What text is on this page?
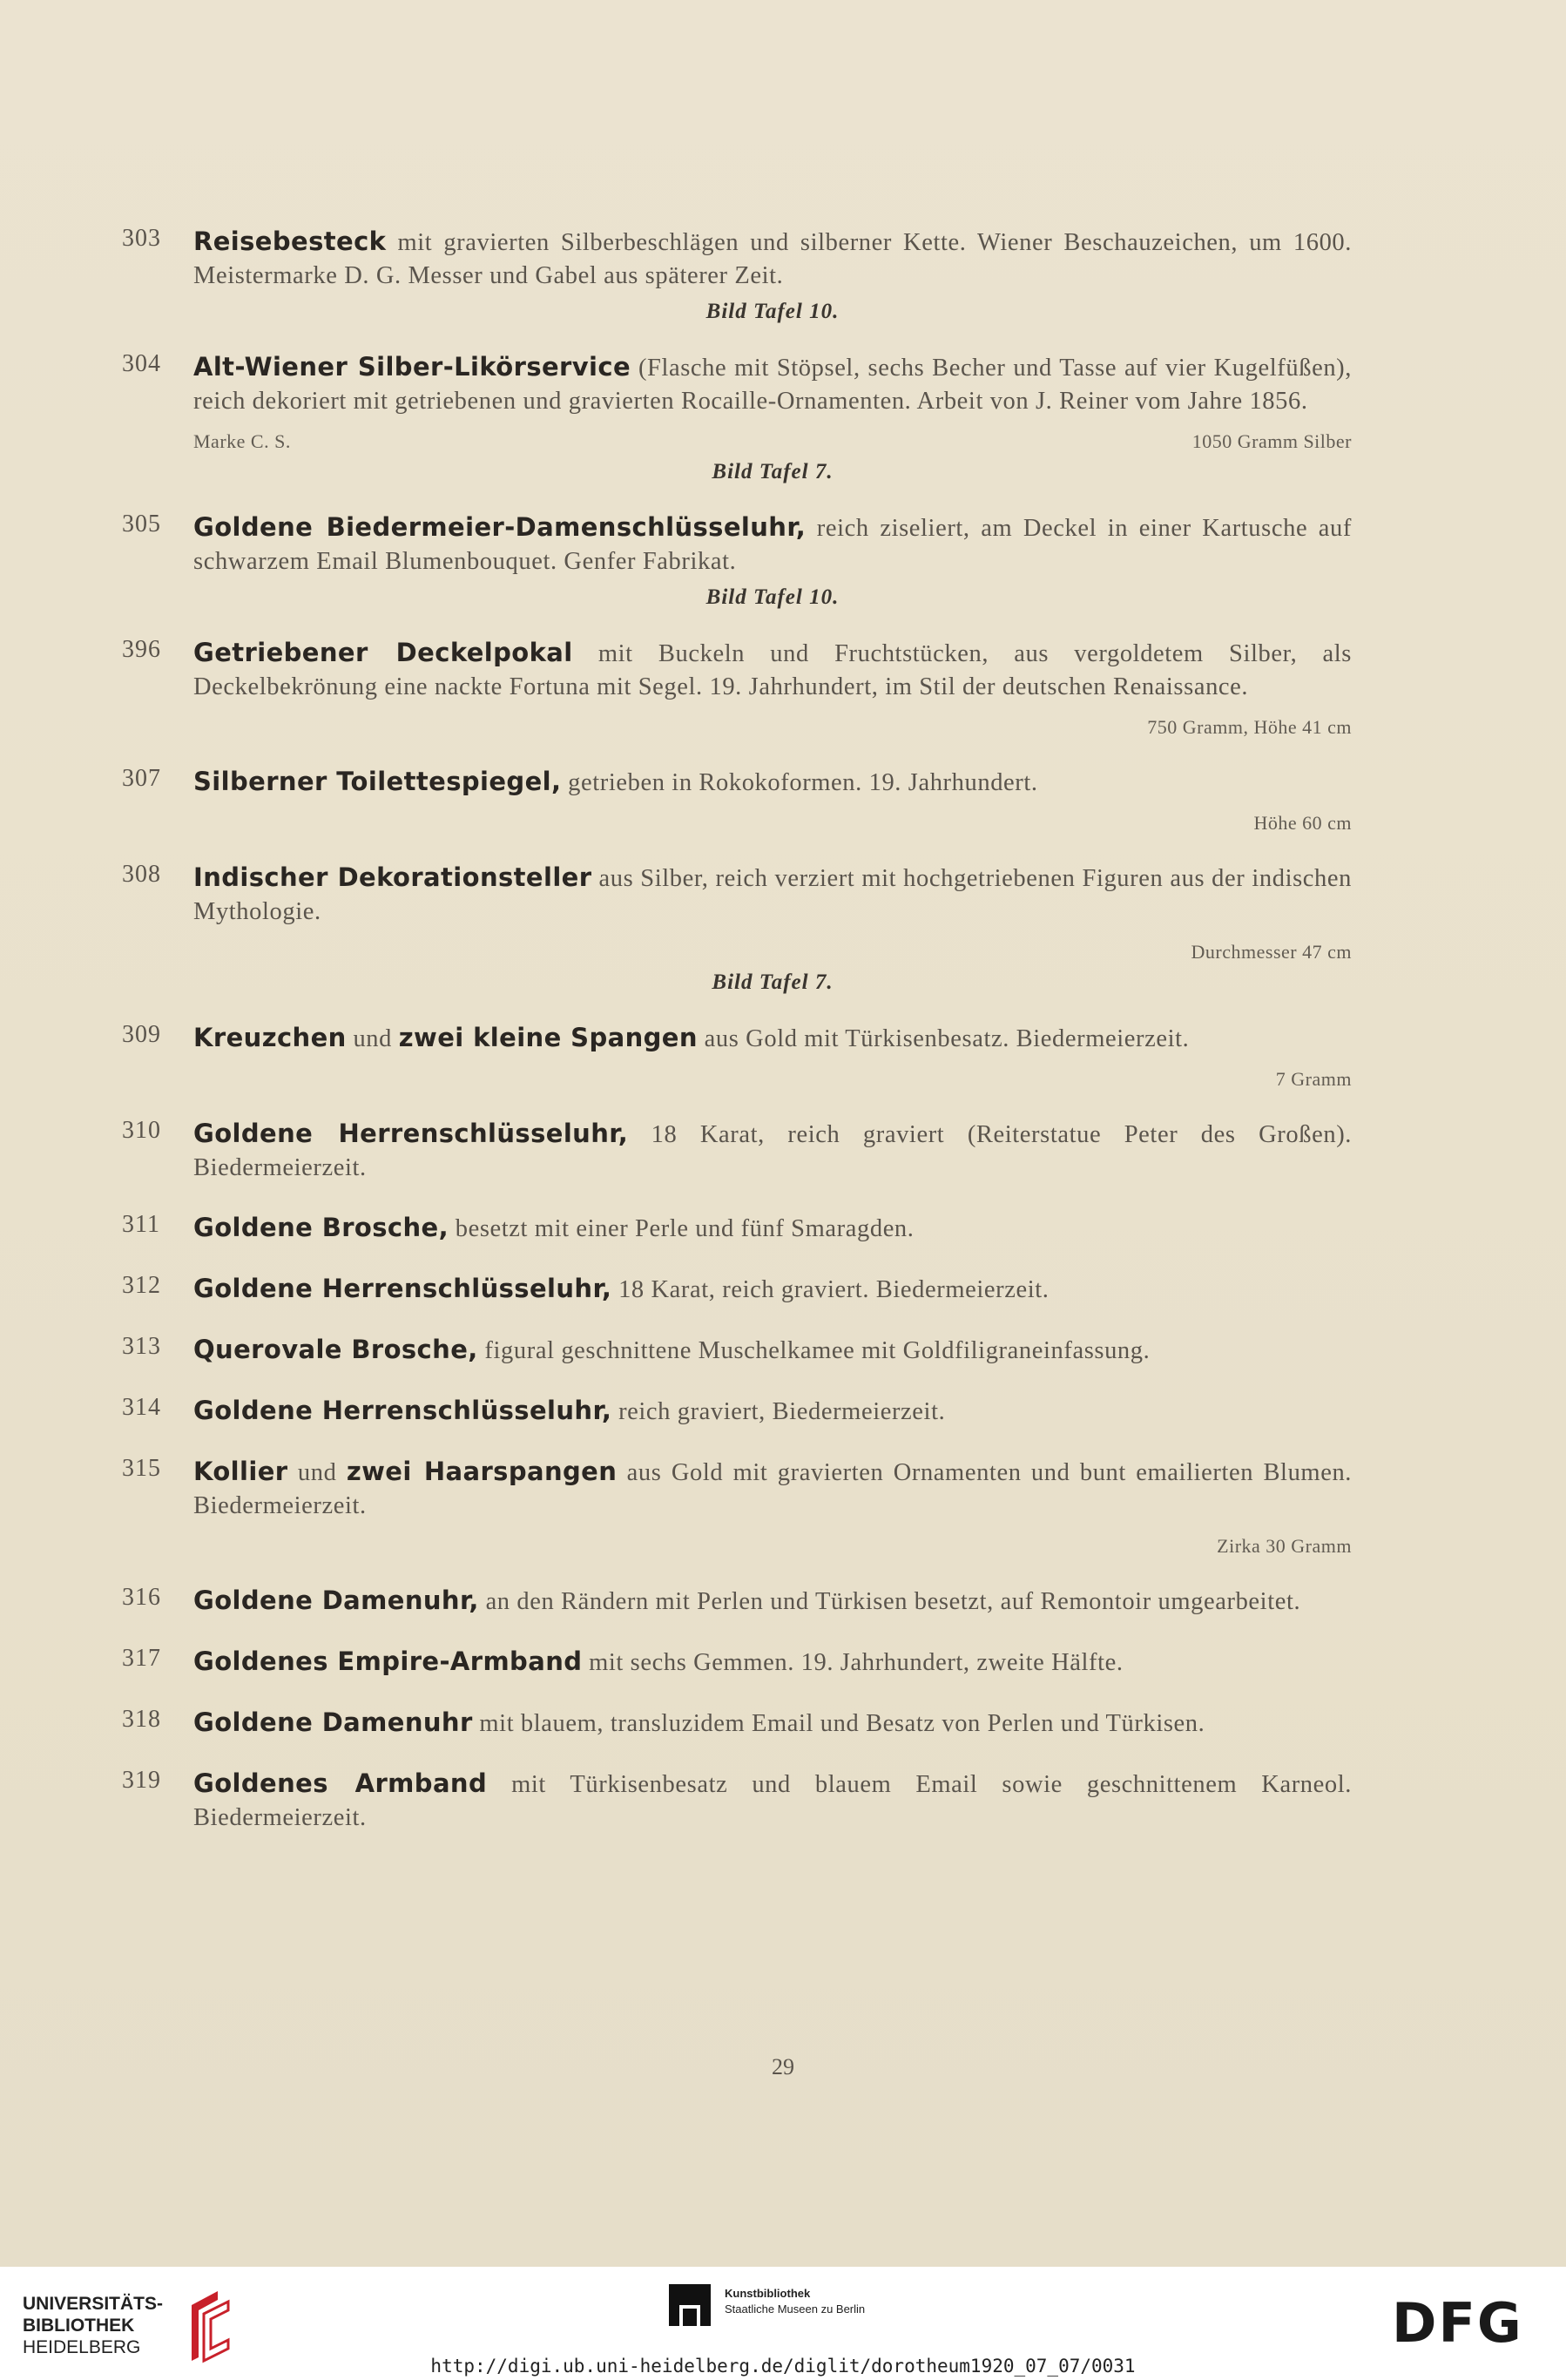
303 Reisebesteck mit gravierten Silberbeschlägen und silberner Kette. Wiener Beschauzeichen, um 1600. Meistermarke D. G. Messer und Gabel aus späterer Zeit.
Bild Tafel 10.
304 Alt-Wiener Silber-Likörservice (Flasche mit Stöpsel, sechs Becher und Tasse auf vier Kugelfüßen), reich dekoriert mit getriebenen und gravierten Rocaille-Ornamenten. Arbeit von J. Reiner vom Jahre 1856.
Marke C. S.	1050 Gramm Silber
Bild Tafel 7.
305 Goldene Biedermeier-Damenschlüsseluhr, reich ziseliert, am Deckel in einer Kartusche auf schwarzem Email Blumenbouquet. Genfer Fabrikat.
Bild Tafel 10.
396 Getriebener Deckelpokal mit Buckeln und Fruchtstücken, aus vergoldetem Silber, als Deckelbekrönung eine nackte Fortuna mit Segel. 19. Jahrhundert, im Stil der deutschen Renaissance.
750 Gramm, Höhe 41 cm
307 Silberner Toilettespiegel, getrieben in Rokokoformen. 19. Jahrhundert.
Höhe 60 cm
308 Indischer Dekorationsteller aus Silber, reich verziert mit hochgetriebenen Figuren aus der indischen Mythologie.
Durchmesser 47 cm
Bild Tafel 7.
309 Kreuzchen und zwei kleine Spangen aus Gold mit Türkisenbesatz. Biedermeierzeit.
7 Gramm
310 Goldene Herrenschlüsseluhr, 18 Karat, reich graviert (Reiterstatue Peter des Großen). Biedermeierzeit.
311 Goldene Brosche, besetzt mit einer Perle und fünf Smaragden.
312 Goldene Herrenschlüsseluhr, 18 Karat, reich graviert. Biedermeierzeit.
313 Querovale Brosche, figural geschnittene Muschelkamee mit Goldfiligraneinfassung.
314 Goldene Herrenschlüsseluhr, reich graviert, Biedermeierzeit.
315 Kollier und zwei Haarspangen aus Gold mit gravierten Ornamenten und bunt emailierten Blumen. Biedermeierzeit.
Zirka 30 Gramm
316 Goldene Damenuhr, an den Rändern mit Perlen und Türkisen besetzt, auf Remontoir umgearbeitet.
317 Goldenes Empire-Armband mit sechs Gemmen. 19. Jahrhundert, zweite Hälfte.
318 Goldene Damenuhr mit blauem, transluzidem Email und Besatz von Perlen und Türkisen.
319 Goldenes Armband mit Türkisenbesatz und blauem Email sowie geschnittenem Karneol. Biedermeierzeit.
29
UNIVERSITÄTS-
BIBLIOTHEK
HEIDELBERG
Kunstbibliothek
Staatliche Museen zu Berlin	DFG
http://digi.ub.uni-heidelberg.de/diglit/dorotheum1920_07_07/0031
